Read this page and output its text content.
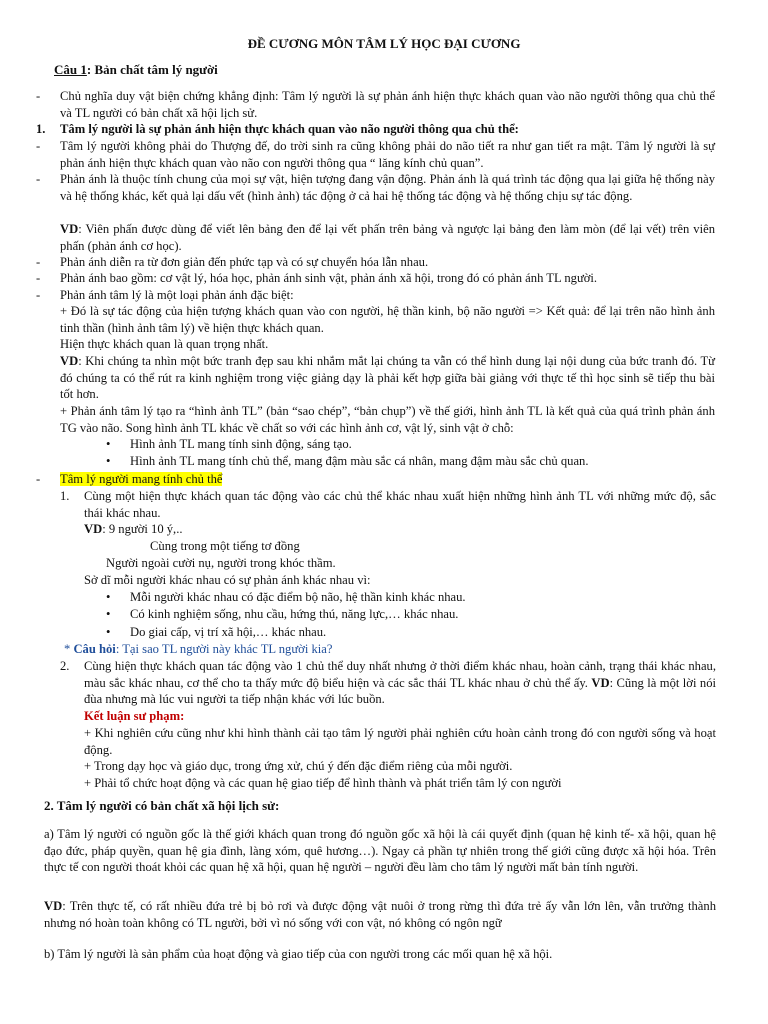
ĐỀ CƯƠNG MÔN TÂM LÝ HỌC ĐẠI CƯƠNG
Câu 1: Bản chất tâm lý người
- Chủ nghĩa duy vật biện chứng khẳng định: Tâm lý người là sự phản ánh hiện thực khách quan vào não người thông qua chủ thể và TL người có bản chất xã hội lịch sử.
1. Tâm lý người là sự phản ánh hiện thực khách quan vào não người thông qua chủ thể:
- Tâm lý người không phải do Thượng đế, do trời sinh ra cũng không phải do não tiết ra như gan tiết ra mật. Tâm lý người là sự phản ánh hiện thực khách quan vào não con người thông qua “ lăng kính chủ quan”.
- Phản ánh là thuộc tính chung của mọi sự vật, hiện tượng đang vận động. Phản ánh là quá trình tác động qua lại giữa hệ thống này và hệ thống khác, kết quả lại dấu vết (hình ảnh) tác động ở cả hai hệ thống tác động và hệ thống chịu sự tác động.
VD: Viên phấn được dùng để viết lên bảng đen để lại vết phấn trên bảng và ngược lại bảng đen làm mòn (để lại vết) trên viên phấn (phản ánh cơ học).
- Phản ánh diễn ra từ đơn giản đến phức tạp và có sự chuyển hóa lẫn nhau.
- Phản ánh bao gồm: cơ vật lý, hóa học, phản ánh sinh vật, phản ánh xã hội, trong đó có phản ánh TL người.
- Phản ánh tâm lý là một loại phản ánh đặc biệt:
+ Đó là sự tác động của hiện tượng khách quan vào con người, hệ thần kinh, bộ não người => Kết quả: để lại trên não hình ảnh tinh thần (hình ảnh tâm lý) về hiện thực khách quan.
Hiện thực khách quan là quan trọng nhất.
VD: Khi chúng ta nhìn một bức tranh đẹp sau khi nhắm mắt lại chúng ta vẫn có thể hình dung lại nội dung của bức tranh đó. Từ đó chúng ta có thể rút ra kinh nghiệm trong việc giảng dạy là phải kết hợp giữa bài giảng với thực tế thì học sinh sẽ tiếp thu bài tốt hơn.
+ Phản ánh tâm lý tạo ra “hình ảnh TL” (bản “sao chép”, “bản chụp”) về thế giới, hình ảnh TL là kết quả của quá trình phản ánh TG vào não. Song hình ảnh TL khác về chất so với các hình ảnh cơ, vật lý, sinh vật ở chỗ:
• Hình ảnh TL mang tính sinh động, sáng tạo.
• Hình ảnh TL mang tính chủ thể, mang đậm màu sắc cá nhân, mang đậm màu sắc chủ quan.
- Tâm lý người mang tính chủ thể
1. Cùng một hiện thực khách quan tác động vào các chủ thể khác nhau xuất hiện những hình ảnh TL với những mức độ, sắc thái khác nhau.
VD: 9 người 10 ý,..
Cùng trong một tiếng tơ đồng
Người ngoài cười nụ, người trong khóc thầm.
Sở dĩ mỗi người khác nhau có sự phản ánh khác nhau vì:
• Mỗi người khác nhau có đặc điểm bộ não, hệ thần kinh khác nhau.
• Có kinh nghiệm sống, nhu cầu, hứng thú, năng lực,… khác nhau.
• Do giai cấp, vị trí xã hội,… khác nhau.
* Câu hỏi: Tại sao TL người này khác TL người kia?
2. Cùng hiện thực khách quan tác động vào 1 chủ thể duy nhất nhưng ở thời điểm khác nhau, hoàn cảnh, trạng thái khác nhau, màu sắc khác nhau, cơ thể cho ta thấy mức độ biểu hiện và các sắc thái TL khác nhau ở chủ thể ấy. VD: Cũng là một lời nói đùa nhưng mà lúc vui người ta tiếp nhận khác với lúc buồn.
Kết luận sư phạm:
+ Khi nghiên cứu cũng như khi hình thành cải tạo tâm lý người phải nghiên cứu hoàn cảnh trong đó con người sống và hoạt động.
+ Trong dạy học và giáo dục, trong ứng xử, chú ý đến đặc điểm riêng của mỗi người.
+ Phải tổ chức hoạt động và các quan hệ giao tiếp để hình thành và phát triển tâm lý con người
2. Tâm lý người có bản chất xã hội lịch sử:
a) Tâm lý người có nguồn gốc là thế giới khách quan trong đó nguồn gốc xã hội là cái quyết định (quan hệ kinh tế- xã hội, quan hệ đạo đức, pháp quyền, quan hệ gia đình, làng xóm, quê hương…). Ngay cả phần tự nhiên trong thế giới cũng được xã hội hóa. Trên thực tế con người thoát khỏi các quan hệ xã hội, quan hệ người – người đều làm cho tâm lý người mất bản tính người.
VD: Trên thực tế, có rất nhiều đứa trẻ bị bỏ rơi và được động vật nuôi ở trong rừng thì đứa trẻ ấy vẫn lớn lên, vẫn trưởng thành nhưng nó hoàn toàn không có TL người, bởi vì nó sống với con vật, nó không có ngôn ngữ
b) Tâm lý người là sản phẩm của hoạt động và giao tiếp của con người trong các mối quan hệ xã hội.
